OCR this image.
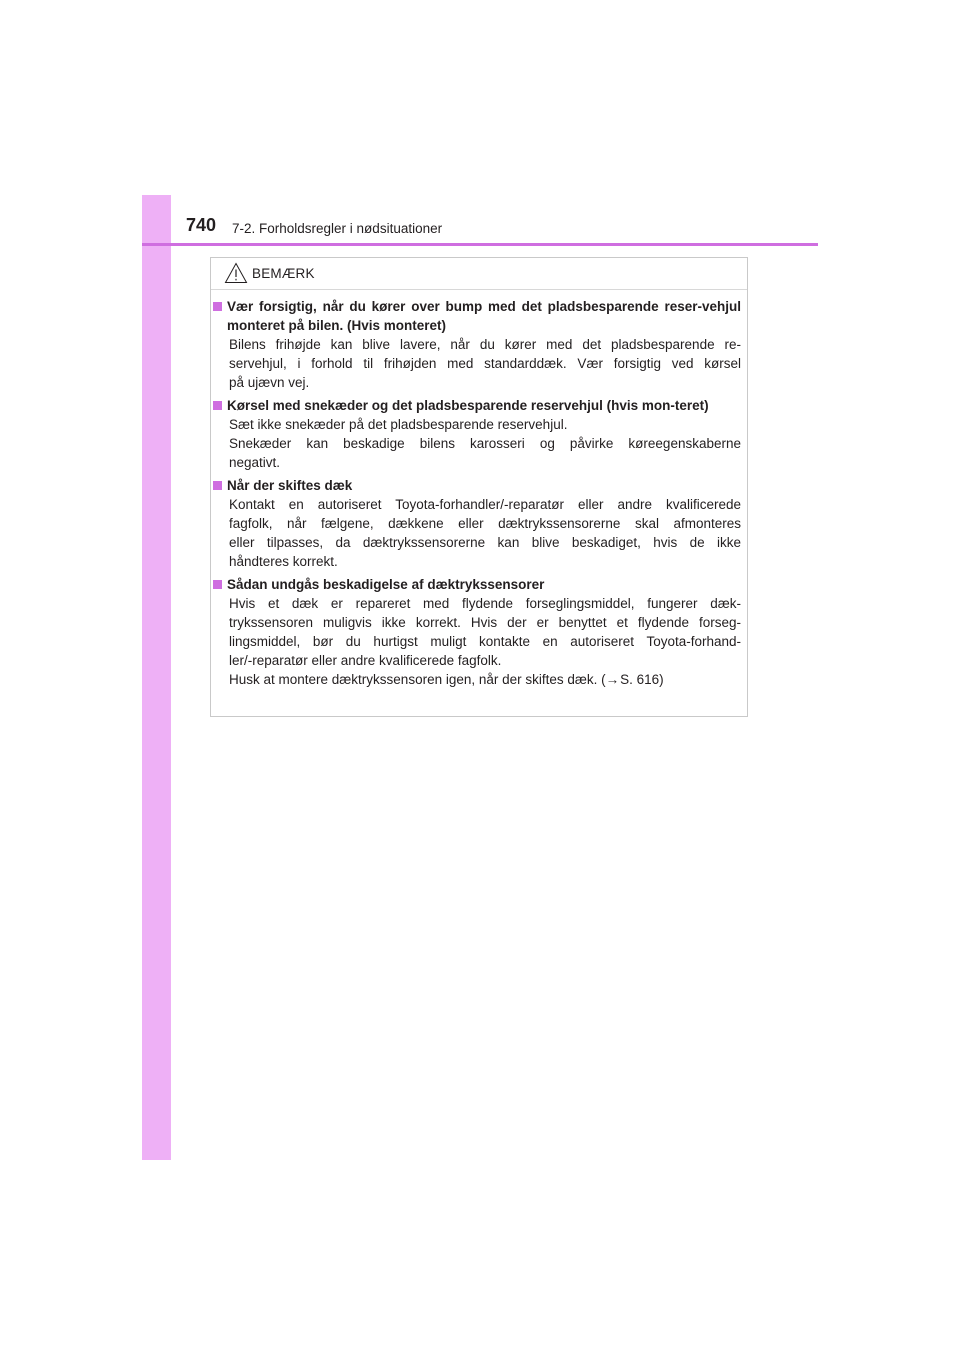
740 7-2. Forholdsregler i nødsituationer
BEMÆRK
Vær forsigtig, når du kører over bump med det pladsbesparende reser-vehjul monteret på bilen. (Hvis monteret)
Bilens frihøjde kan blive lavere, når du kører med det pladsbesparende re-
servehjul, i forhold til frihøjden med standarddæk. Vær forsigtig ved kørsel
på ujævn vej.
Kørsel med snekæder og det pladsbesparende reservehjul (hvis mon-teret)
Sæt ikke snekæder på det pladsbesparende reservehjul.
Snekæder kan beskadige bilens karosseri og påvirke køreegenskaberne
negativt.
Når der skiftes dæk
Kontakt en autoriseret Toyota-forhandler/-reparatør eller andre kvalificerede
fagfolk, når fælgene, dækkene eller dæktrykssensorerne skal afmonteres
eller tilpasses, da dæktrykssensorerne kan blive beskadiget, hvis de ikke
håndteres korrekt.
Sådan undgås beskadigelse af dæktrykssensorer
Hvis et dæk er repareret med flydende forseglingsmiddel, fungerer dæk-
trykssensoren muligvis ikke korrekt. Hvis der er benyttet et flydende forseg-
lingsmiddel, bør du hurtigst muligt kontakte en autoriseret Toyota-forhand-
ler/-reparatør eller andre kvalificerede fagfolk.
Husk at montere dæktrykssensoren igen, når der skiftes dæk. (→S. 616)
